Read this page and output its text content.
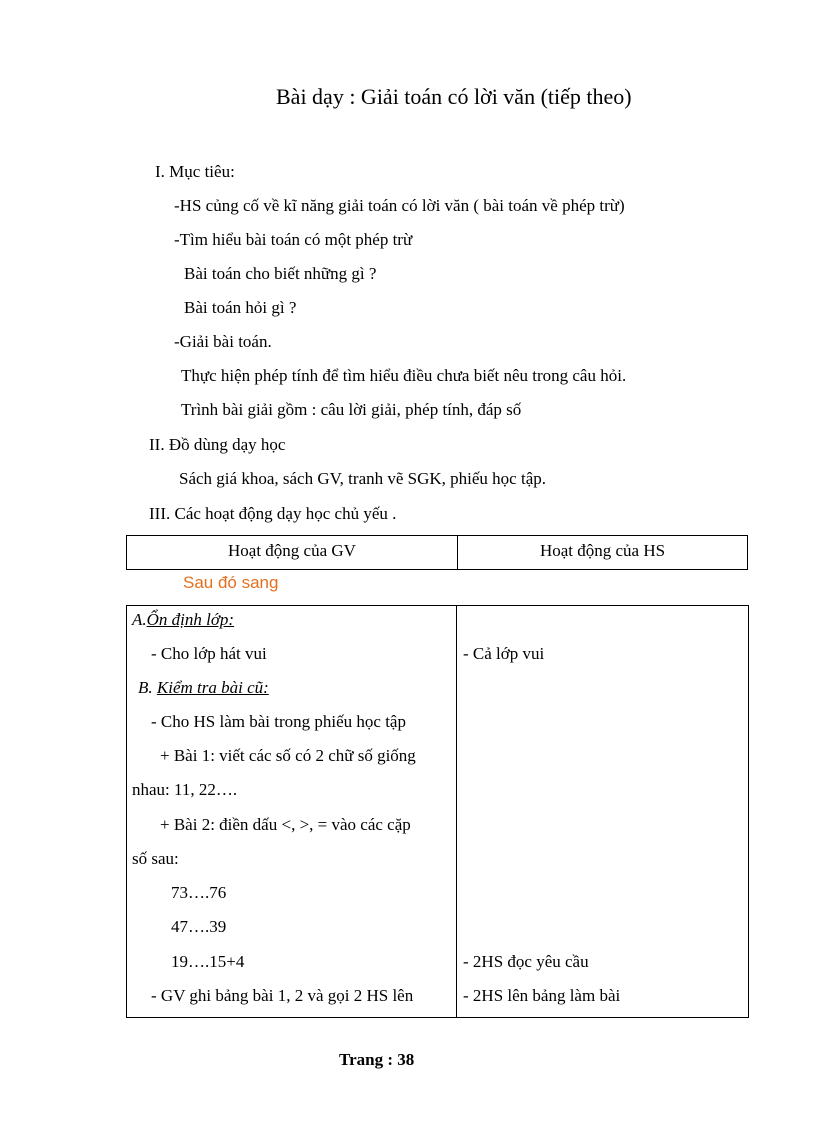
Bài dạy : Giải toán có lời văn (tiếp theo)
I. Mục tiêu:
-HS củng cố về kĩ năng giải toán có lời văn ( bài toán về phép trừ)
-Tìm hiểu bài toán có một phép trừ
Bài toán cho biết những gì ?
Bài toán hỏi gì ?
-Giải bài toán.
Thực hiện phép tính để tìm hiểu điều chưa biết nêu trong câu hỏi.
Trình bài giải gồm : câu lời giải, phép tính, đáp số
II. Đồ dùng dạy học
Sách giá khoa, sách GV, tranh vẽ SGK, phiếu học tập.
III. Các hoạt động dạy học chủ yếu .
Hoạt động của GV	Hoạt động của HS
Sau đó sang
A.Ổn định lớp:
- Cho lớp hát vui
B. Kiểm tra bài cũ:
- Cho HS làm bài trong phiếu học tập
+ Bài 1: viết các số có 2 chữ số giống
nhau: 11, 22….
+ Bài 2: điền dấu <, >, = vào các cặp
số sau:
73….76
47….39
19….15+4
- GV ghi bảng bài 1, 2 và gọi 2 HS lên
- Cả lớp vui
- 2HS đọc yêu cầu
- 2HS lên bảng làm bài
Trang : 38
